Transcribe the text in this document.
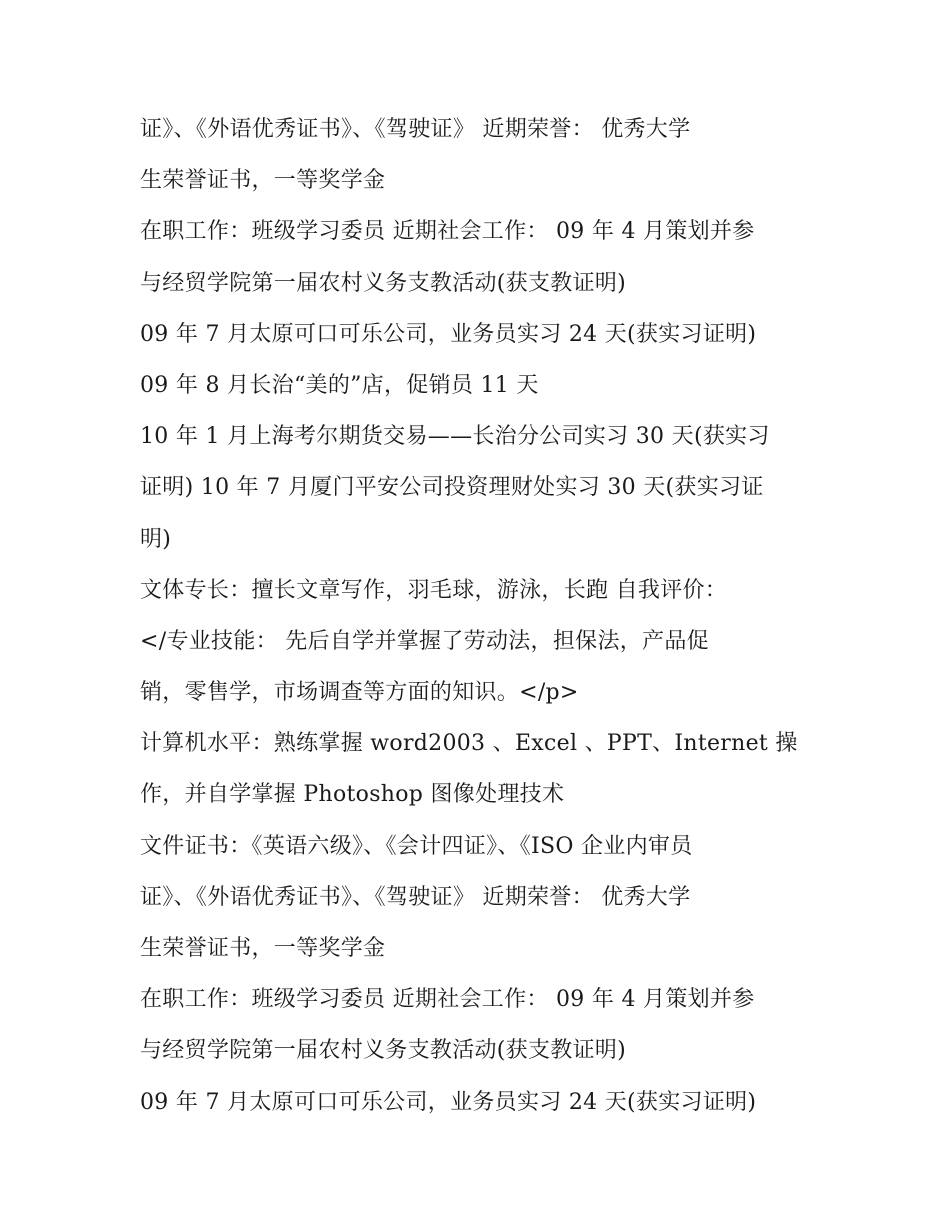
证》、《外语优秀证书》、《驾驶证》 近期荣誉： 优秀大学
生荣誉证书，一等奖学金
在职工作：班级学习委员 近期社会工作： 09 年 4 月策划并参
与经贸学院第一届农村义务支教活动(获支教证明)
09 年 7 月太原可口可乐公司，业务员实习 24 天(获实习证明)
09 年 8 月长治“美的”店，促销员 11 天
10 年 1 月上海考尔期货交易——长治分公司实习 30 天(获实习
证明) 10 年 7 月厦门平安公司投资理财处实习 30 天(获实习证
明)
文体专长：擅长文章写作，羽毛球，游泳，长跑 自我评价：
</专业技能： 先后自学并掌握了劳动法，担保法，产品促
销，零售学，市场调查等方面的知识。</p>
计算机水平：熟练掌握 word2003 、Excel 、PPT、Internet 操
作，并自学掌握 Photoshop 图像处理技术
文件证书：《英语六级》、《会计四证》、《ISO 企业内审员
证》、《外语优秀证书》、《驾驶证》 近期荣誉： 优秀大学
生荣誉证书，一等奖学金
在职工作：班级学习委员 近期社会工作： 09 年 4 月策划并参
与经贸学院第一届农村义务支教活动(获支教证明)
09 年 7 月太原可口可乐公司，业务员实习 24 天(获实习证明)
